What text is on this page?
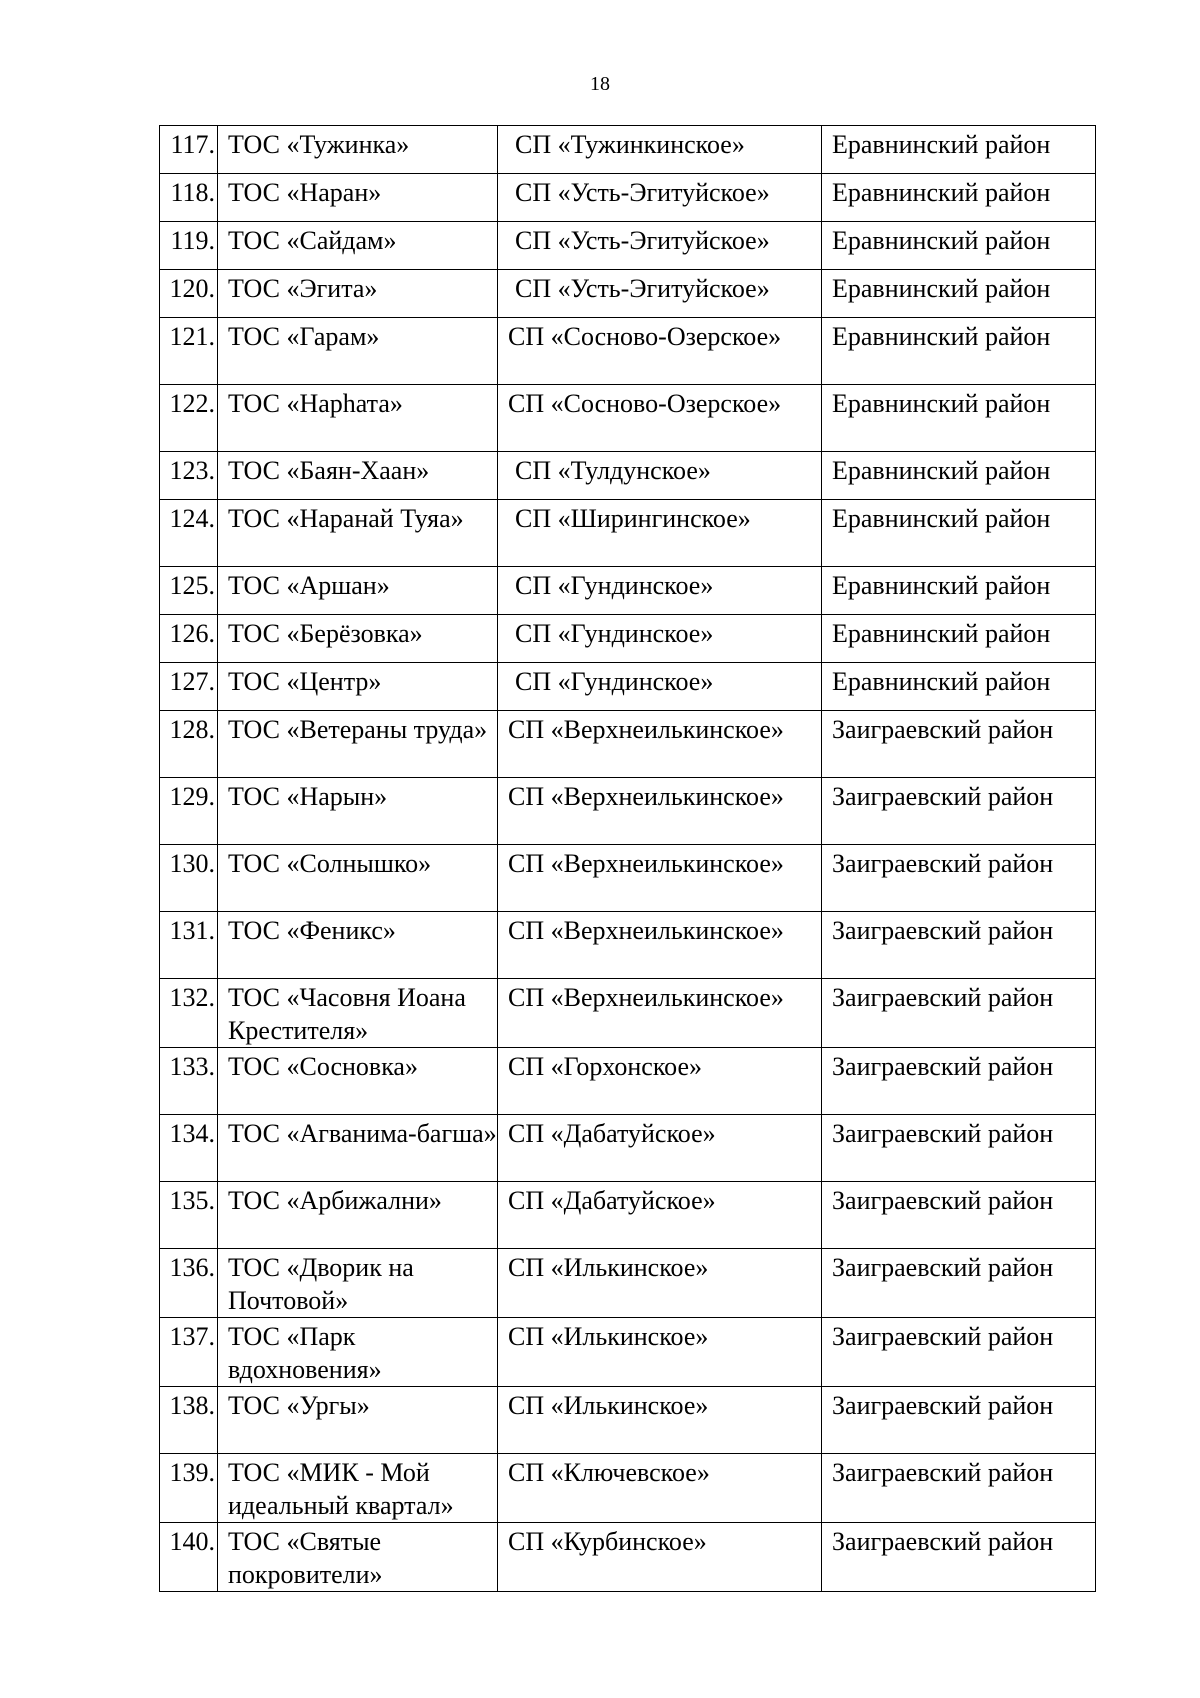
18
117.	ТОС «Тужинка»	СП «Тужинкинское»	Еравнинский район
118.	ТОС «Наран»	СП «Усть-Эгитуйское»	Еравнинский район
119.	ТОС «Сайдам»	СП «Усть-Эгитуйское»	Еравнинский район
120.	ТОС «Эгита»	СП «Усть-Эгитуйское»	Еравнинский район
121.	ТОС «Гарам»	СП «Сосново-Озерское»	Еравнинский район
122.	ТОС «Нарhата»	СП «Сосново-Озерское»	Еравнинский район
123.	ТОС «Баян-Хаан»	СП «Тулдунское»	Еравнинский район
124.	ТОС «Наранай Туяа»	СП «Ширингинское»	Еравнинский район
125.	ТОС «Аршан»	СП «Гундинское»	Еравнинский район
126.	ТОС «Берёзовка»	СП «Гундинское»	Еравнинский район
127.	ТОС «Центр»	СП «Гундинское»	Еравнинский район
128.	ТОС «Ветераны труда»	СП «Верхнеилькинское»	Заиграевский район
129.	ТОС «Нарын»	СП «Верхнеилькинское»	Заиграевский район
130.	ТОС «Солнышко»	СП «Верхнеилькинское»	Заиграевский район
131.	ТОС «Феникс»	СП «Верхнеилькинское»	Заиграевский район
132.	ТОС «Часовня Иоана Крестителя»	СП «Верхнеилькинское»	Заиграевский район
133.	ТОС «Сосновка»	СП «Горхонское»	Заиграевский район
134.	ТОС «Агванима-багша»	СП «Дабатуйское»	Заиграевский район
135.	ТОС «Арбижални»	СП «Дабатуйское»	Заиграевский район
136.	ТОС «Дворик на Почтовой»	СП «Илькинское»	Заиграевский район
137.	ТОС «Парк вдохновения»	СП «Илькинское»	Заиграевский район
138.	ТОС «Ургы»	СП «Илькинское»	Заиграевский район
139.	ТОС «МИК - Мой идеальный квартал»	СП «Ключевское»	Заиграевский район
140.	ТОС «Святые покровители»	СП «Курбинское»	Заиграевский район
